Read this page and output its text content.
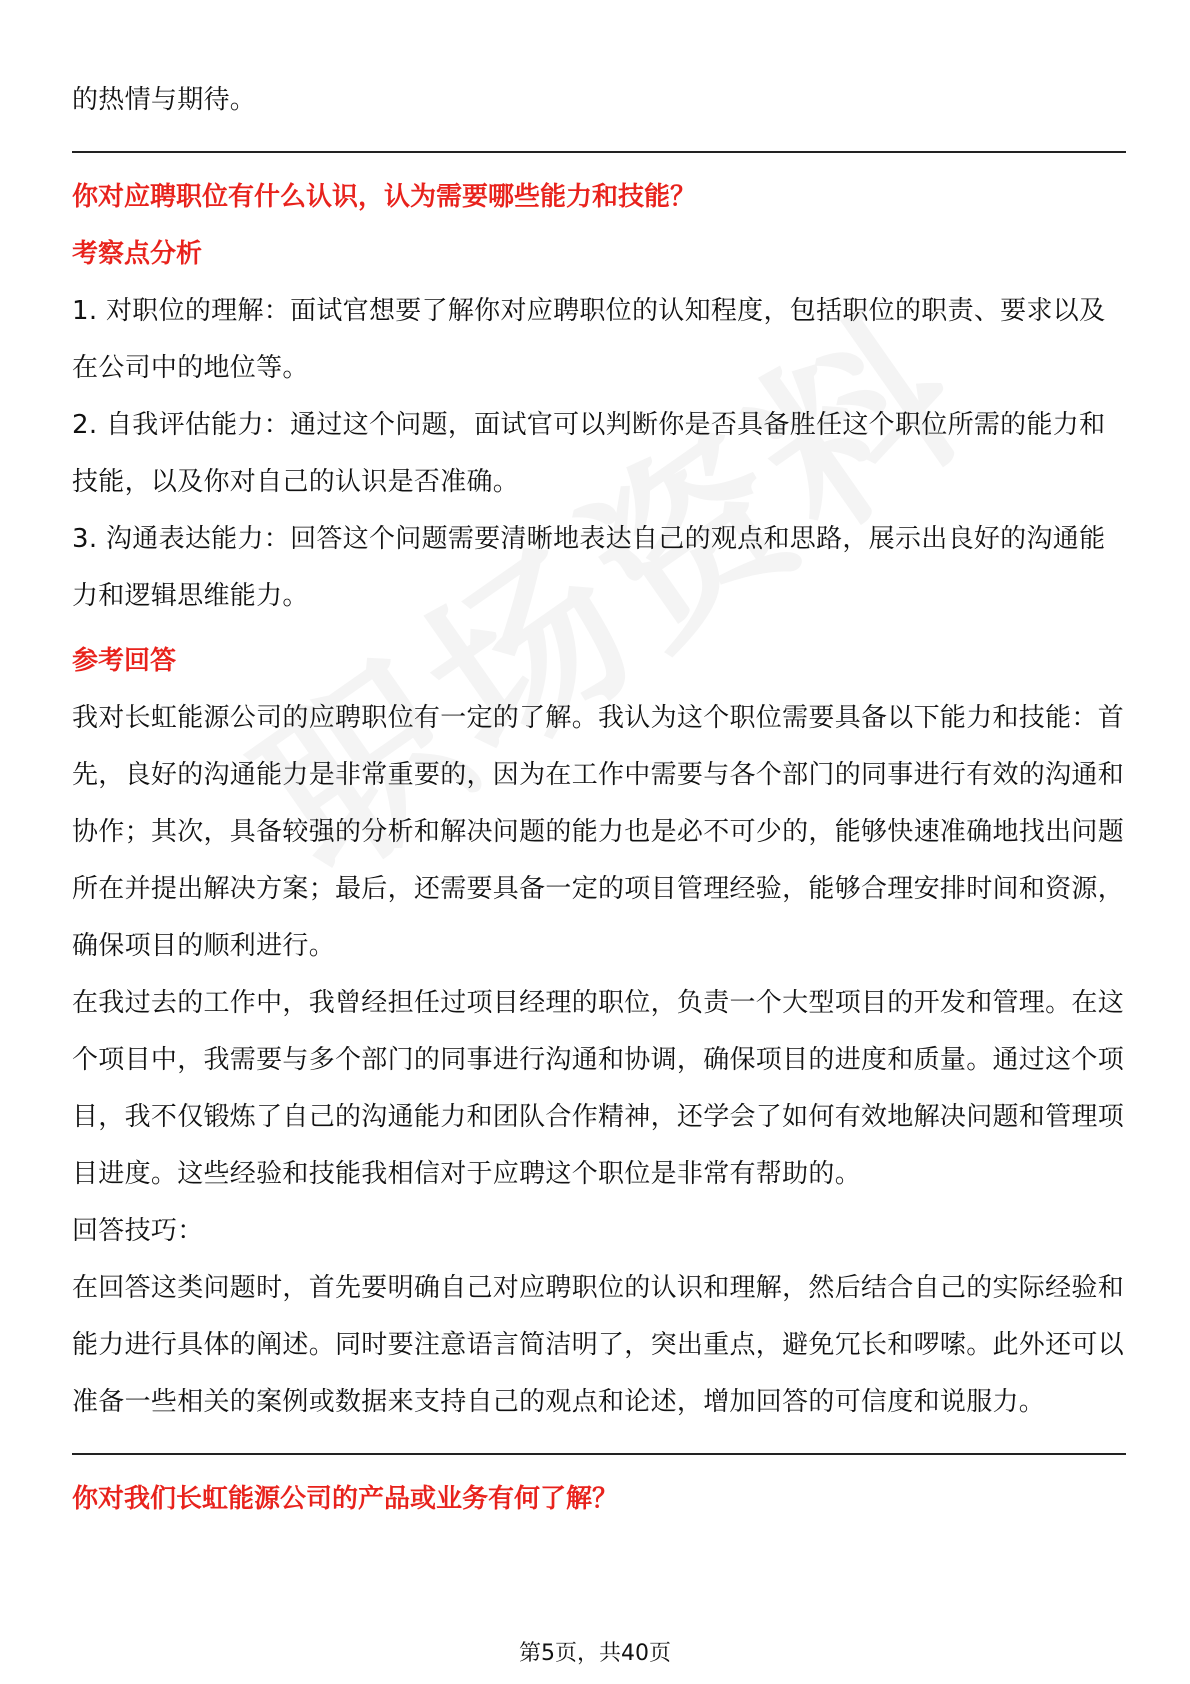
的热情与期待。

你对应聘职位有什么认识，认为需要哪些能力和技能？

考察点分析

1. 对职位的理解：面试官想要了解你对应聘职位的认知程度，包括职位的职责、要求以及在公司中的地位等。

2. 自我评估能力：通过这个问题，面试官可以判断你是否具备胜任这个职位所需的能力和技能，以及你对自己的认识是否准确。

3. 沟通表达能力：回答这个问题需要清晰地表达自己的观点和思路，展示出良好的沟通能力和逻辑思维能力。

参考回答

我对长虹能源公司的应聘职位有一定的了解。我认为这个职位需要具备以下能力和技能：首先，良好的沟通能力是非常重要的，因为在工作中需要与各个部门的同事进行有效的沟通和协作；其次，具备较强的分析和解决问题的能力也是必不可少的，能够快速准确地找出问题所在并提出解决方案；最后，还需要具备一定的项目管理经验，能够合理安排时间和资源，确保项目的顺利进行。

在我过去的工作中，我曾经担任过项目经理的职位，负责一个大型项目的开发和管理。在这个项目中，我需要与多个部门的同事进行沟通和协调，确保项目的进度和质量。通过这个项目，我不仅锻炼了自己的沟通能力和团队合作精神，还学会了如何有效地解决问题和管理项目进度。这些经验和技能我相信对于应聘这个职位是非常有帮助的。

回答技巧：

在回答这类问题时，首先要明确自己对应聘职位的认识和理解，然后结合自己的实际经验和能力进行具体的阐述。同时要注意语言简洁明了，突出重点，避免冗长和啰嗦。此外还可以准备一些相关的案例或数据来支持自己的观点和论述，增加回答的可信度和说服力。

你对我们长虹能源公司的产品或业务有何了解？

第5页，共40页
